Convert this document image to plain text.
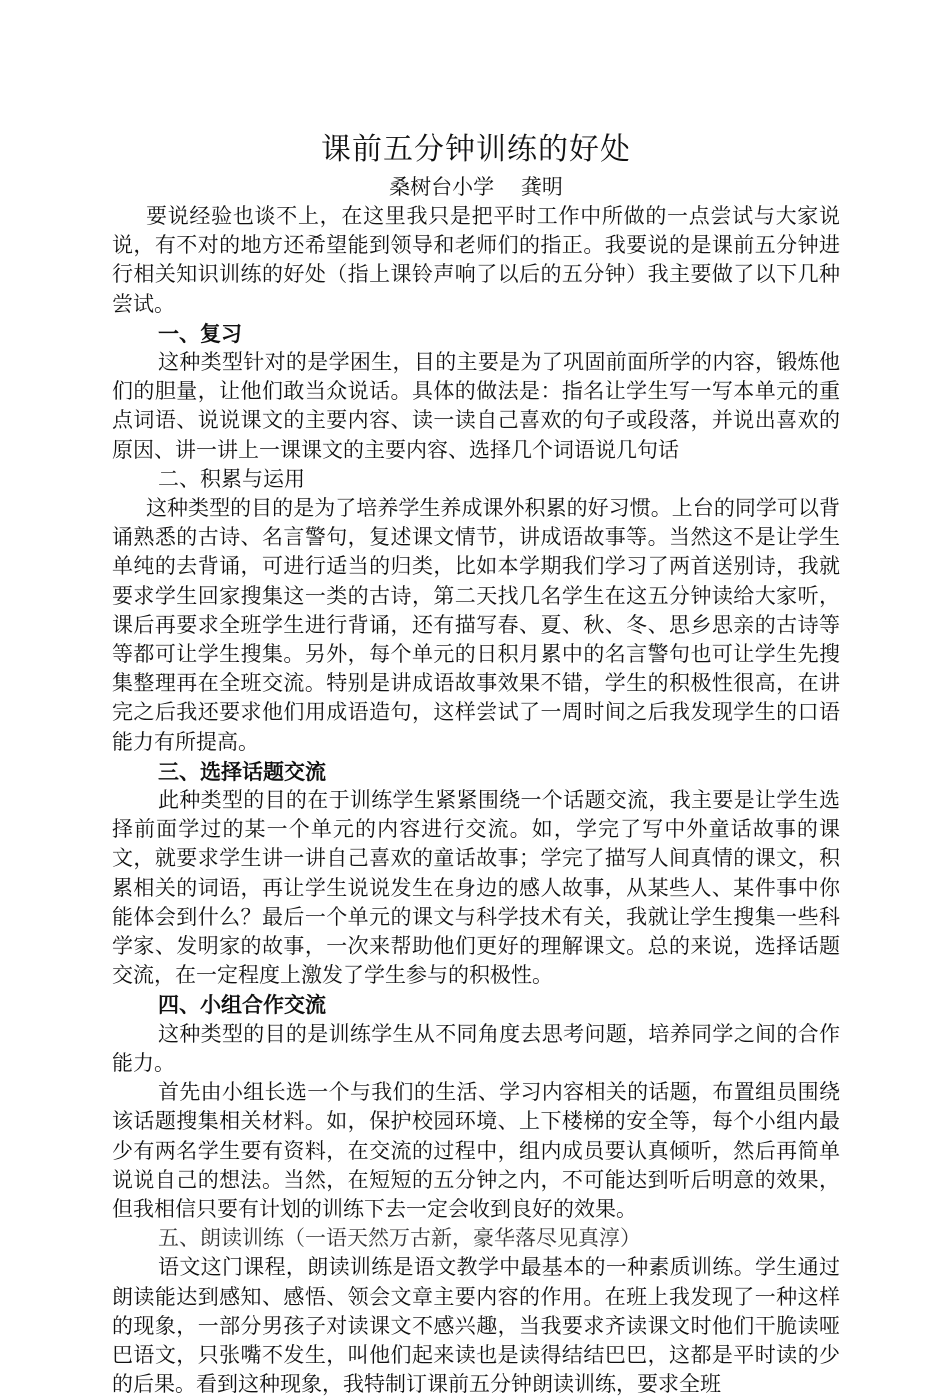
课前五分钟训练的好处

桑树台小学    龚明

要说经验也谈不上，在这里我只是把平时工作中所做的一点尝试与大家说说，有不对的地方还希望能到领导和老师们的指正。我要说的是课前五分钟进行相关知识训练的好处（指上课铃声响了以后的五分钟）我主要做了以下几种尝试。

一、复习

这种类型针对的是学困生，目的主要是为了巩固前面所学的内容，锻炼他们的胆量，让他们敢当众说话。具体的做法是：指名让学生写一写本单元的重点词语、说说课文的主要内容、读一读自己喜欢的句子或段落，并说出喜欢的原因、讲一讲上一课课文的主要内容、选择几个词语说几句话

二、积累与运用

这种类型的目的是为了培养学生养成课外积累的好习惯。上台的同学可以背诵熟悉的古诗、名言警句，复述课文情节，讲成语故事等。当然这不是让学生单纯的去背诵，可进行适当的归类，比如本学期我们学习了两首送别诗，我就要求学生回家搜集这一类的古诗，第二天找几名学生在这五分钟读给大家听，课后再要求全班学生进行背诵，还有描写春、夏、秋、冬、思乡思亲的古诗等等都可让学生搜集。另外，每个单元的日积月累中的名言警句也可让学生先搜集整理再在全班交流。特别是讲成语故事效果不错，学生的积极性很高，在讲完之后我还要求他们用成语造句，这样尝试了一周时间之后我发现学生的口语能力有所提高。

三、选择话题交流

此种类型的目的在于训练学生紧紧围绕一个话题交流，我主要是让学生选择前面学过的某一个单元的内容进行交流。如，学完了写中外童话故事的课文，就要求学生讲一讲自己喜欢的童话故事；学完了描写人间真情的课文，积累相关的词语，再让学生说说发生在身边的感人故事，从某些人、某件事中你能体会到什么？最后一个单元的课文与科学技术有关，我就让学生搜集一些科学家、发明家的故事，一次来帮助他们更好的理解课文。总的来说，选择话题交流，在一定程度上激发了学生参与的积极性。

四、小组合作交流

这种类型的目的是训练学生从不同角度去思考问题，培养同学之间的合作能力。

首先由小组长选一个与我们的生活、学习内容相关的话题，布置组员围绕该话题搜集相关材料。如，保护校园环境、上下楼梯的安全等，每个小组内最少有两名学生要有资料，在交流的过程中，组内成员要认真倾听，然后再简单说说自己的想法。当然，在短短的五分钟之内，不可能达到听后明意的效果，但我相信只要有计划的训练下去一定会收到良好的效果。

五、朗读训练（一语天然万古新，豪华落尽见真淳）

语文这门课程，朗读训练是语文教学中最基本的一种素质训练。学生通过朗读能达到感知、感悟、领会文章主要内容的作用。在班上我发现了一种这样的现象，一部分男孩子对读课文不感兴趣，当我要求齐读课文时他们干脆读哑巴语文，只张嘴不发生，叫他们起来读也是读得结结巴巴，这都是平时读的少的后果。看到这种现象，我特制订课前五分钟朗读训练，要求全班
